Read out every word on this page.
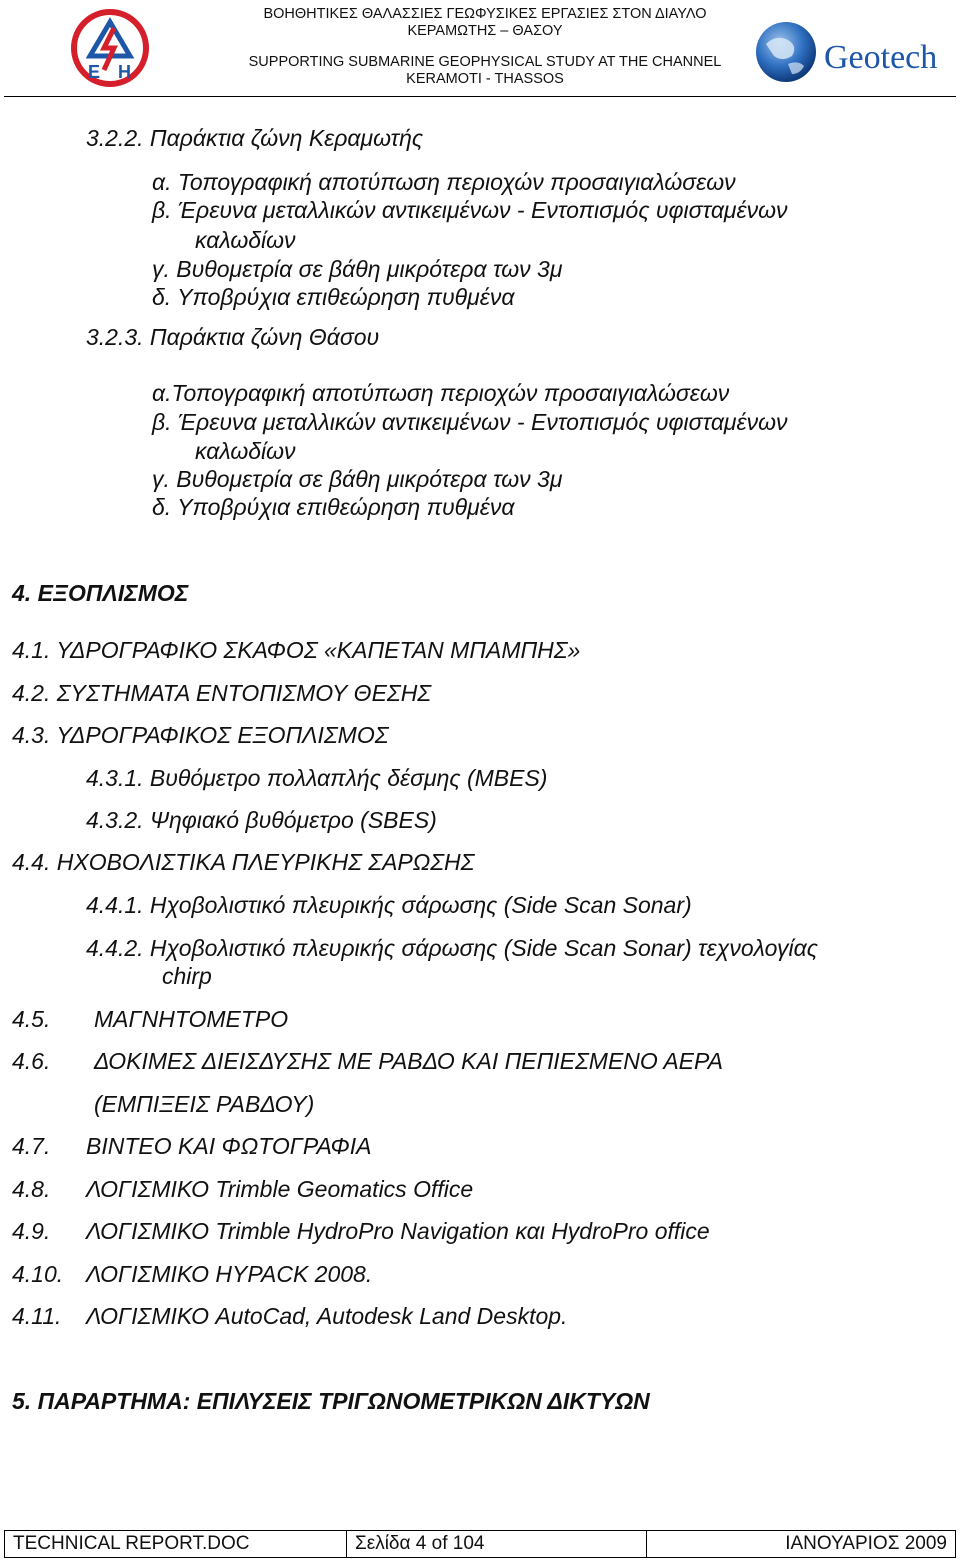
E H
ΒΟΗΘΗΤΙΚΕΣ ΘΑΛΑΣΣΙΕΣ ΓΕΩΦΥΣΙΚΕΣ ΕΡΓΑΣΙΕΣ ΣΤΟΝ ΔΙΑΥΛΟ
ΚΕΡΑΜΩΤΗΣ – ΘΑΣΟΥ
SUPPORTING SUBMARINE GEOPHYSICAL STUDY AT THE CHANNEL
KERAMOTI - THASSOS
Geotech
3.2.2. Παράκτια ζώνη Κεραμωτής
α. Τοπογραφική αποτύπωση περιοχών προσαιγιαλώσεων
β. Έρευνα μεταλλικών αντικειμένων - Εντοπισμός υφισταμένων
καλωδίων
γ. Βυθομετρία σε βάθη μικρότερα των 3μ
δ. Υποβρύχια επιθεώρηση πυθμένα
3.2.3. Παράκτια ζώνη Θάσου
α.Τοπογραφική αποτύπωση περιοχών προσαιγιαλώσεων
β. Έρευνα μεταλλικών αντικειμένων - Εντοπισμός υφισταμένων
καλωδίων
γ. Βυθομετρία σε βάθη μικρότερα των 3μ
δ. Υποβρύχια επιθεώρηση πυθμένα
4. ΕΞΟΠΛΙΣΜΟΣ
4.1. ΥΔΡΟΓΡΑΦΙΚΟ ΣΚΑΦΟΣ «ΚΑΠΕΤΑΝ ΜΠΑΜΠΗΣ»
4.2. ΣΥΣΤΗΜΑΤΑ ΕΝΤΟΠΙΣΜΟΥ ΘΕΣΗΣ
4.3. ΥΔΡΟΓΡΑΦΙΚΟΣ ΕΞΟΠΛΙΣΜΟΣ
4.3.1. Βυθόμετρο πολλαπλής δέσμης (MBES)
4.3.2. Ψηφιακό βυθόμετρο (SBES)
4.4. ΗΧΟΒΟΛΙΣΤΙΚΑ ΠΛΕΥΡΙΚΗΣ ΣΑΡΩΣΗΣ
4.4.1. Ηχοβολιστικό πλευρικής σάρωσης (Side Scan Sonar)
4.4.2. Ηχοβολιστικό πλευρικής σάρωσης (Side Scan Sonar) τεχνολογίας
chirp
4.5. ΜΑΓΝΗΤΟΜΕΤΡΟ
4.6. ΔΟΚΙΜΕΣ ΔΙΕΙΣΔΥΣΗΣ ΜΕ ΡΑΒΔΟ ΚΑΙ ΠΕΠΙΕΣΜΕΝΟ ΑΕΡΑ
(ΕΜΠΙΞΕΙΣ ΡΑΒΔΟΥ)
4.7. ΒΙΝΤΕΟ ΚΑΙ ΦΩΤΟΓΡΑΦΙΑ
4.8. ΛΟΓΙΣΜΙΚΟ Trimble Geomatics Office
4.9. ΛΟΓΙΣΜΙΚΟ Trimble HydroPro Navigation και HydroPro office
4.10. ΛΟΓΙΣΜΙΚΟ HYPACK 2008.
4.11. ΛΟΓΙΣΜΙΚΟ AutoCad, Autodesk Land Desktop.
5. ΠΑΡΑΡΤΗΜΑ: ΕΠΙΛΥΣΕΙΣ ΤΡΙΓΩΝΟΜΕΤΡΙΚΩΝ ΔΙΚΤΥΩΝ
TECHNICAL REPORT.DOC	Σελίδα 4 of 104	ΙΑΝΟΥΑΡΙΟΣ 2009
